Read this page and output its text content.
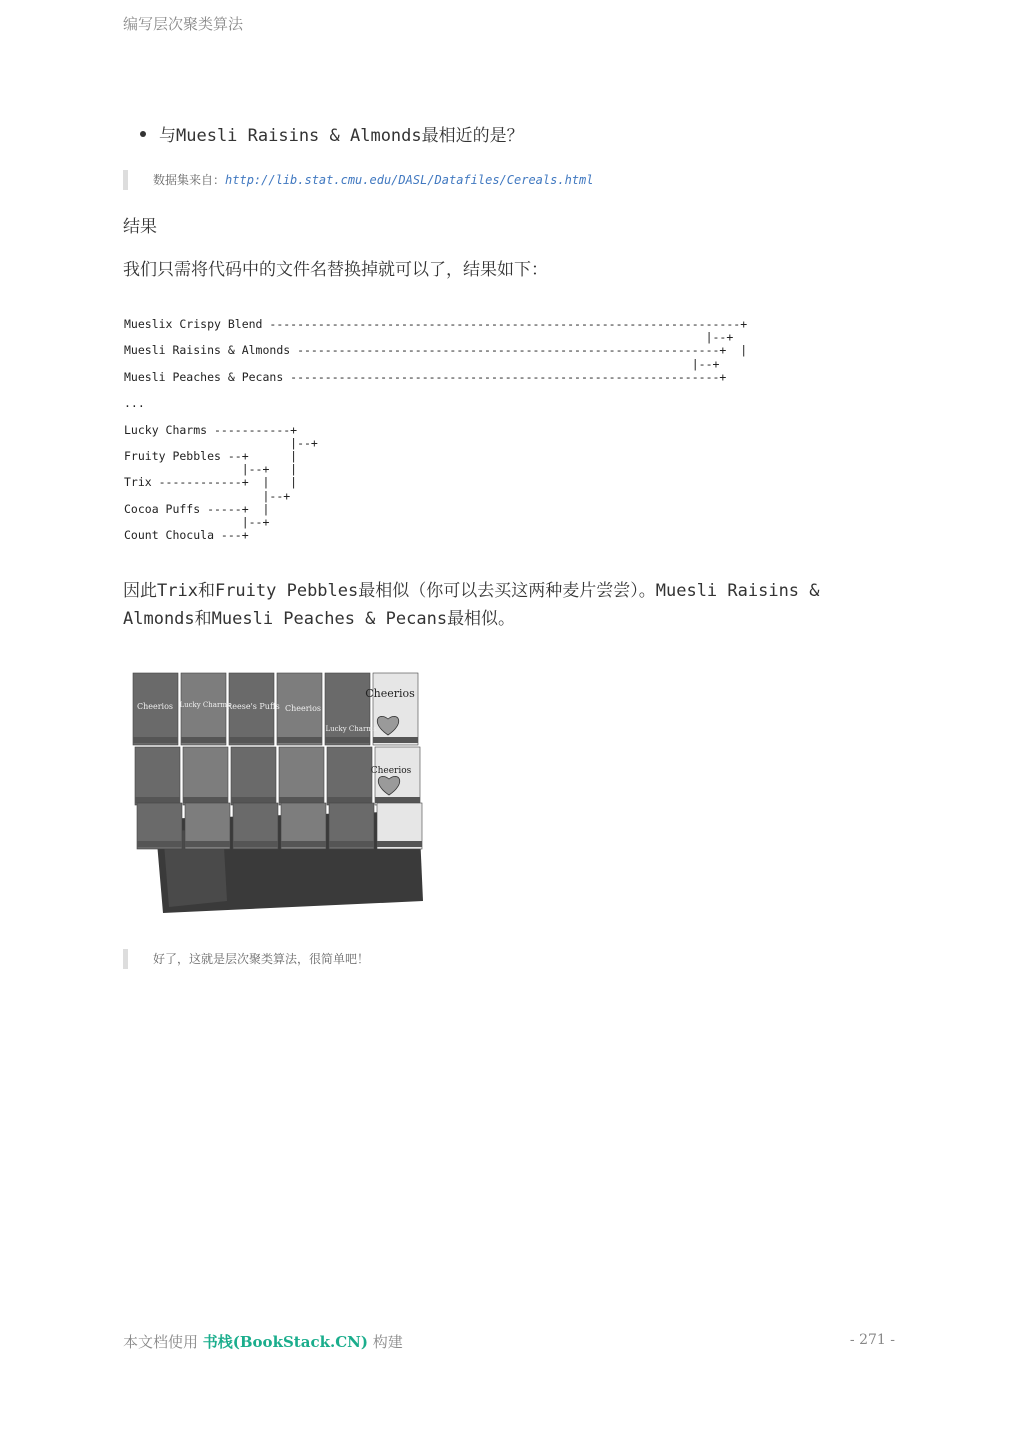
编写层次聚类算法
与Muesli Raisins & Almonds最相近的是？
数据集来自：http://lib.stat.cmu.edu/DASL/Datafiles/Cereals.html
结果
我们只需将代码中的文件名替换掉就可以了，结果如下：
Mueslix Crispy Blend --------------------------------------------------------------------+
|--+
Muesli Raisins & Almonds -------------------------------------------------------------+  |
|--+
Muesli Peaches & Pecans --------------------------------------------------------------+

...

Lucky Charms -----------+
|--+
Fruity Pebbles --+      |
|--+   |
Trix ------------+  |   |
|--+
Cocoa Puffs -----+  |
|--+
Count Chocula ---+
因此Trix和Fruity Pebbles最相似（你可以去买这两种麦片尝尝）。Muesli Raisins & Almonds和Muesli Peaches & Pecans最相似。
Cheerios Lucky Charms	Cheerios
Reese's Puffs
Lucky Charms
Cheerios
Cheerios
好了，这就是层次聚类算法，很简单吧！
本文档使用 书栈(BookStack.CN) 构建	- 271 -
